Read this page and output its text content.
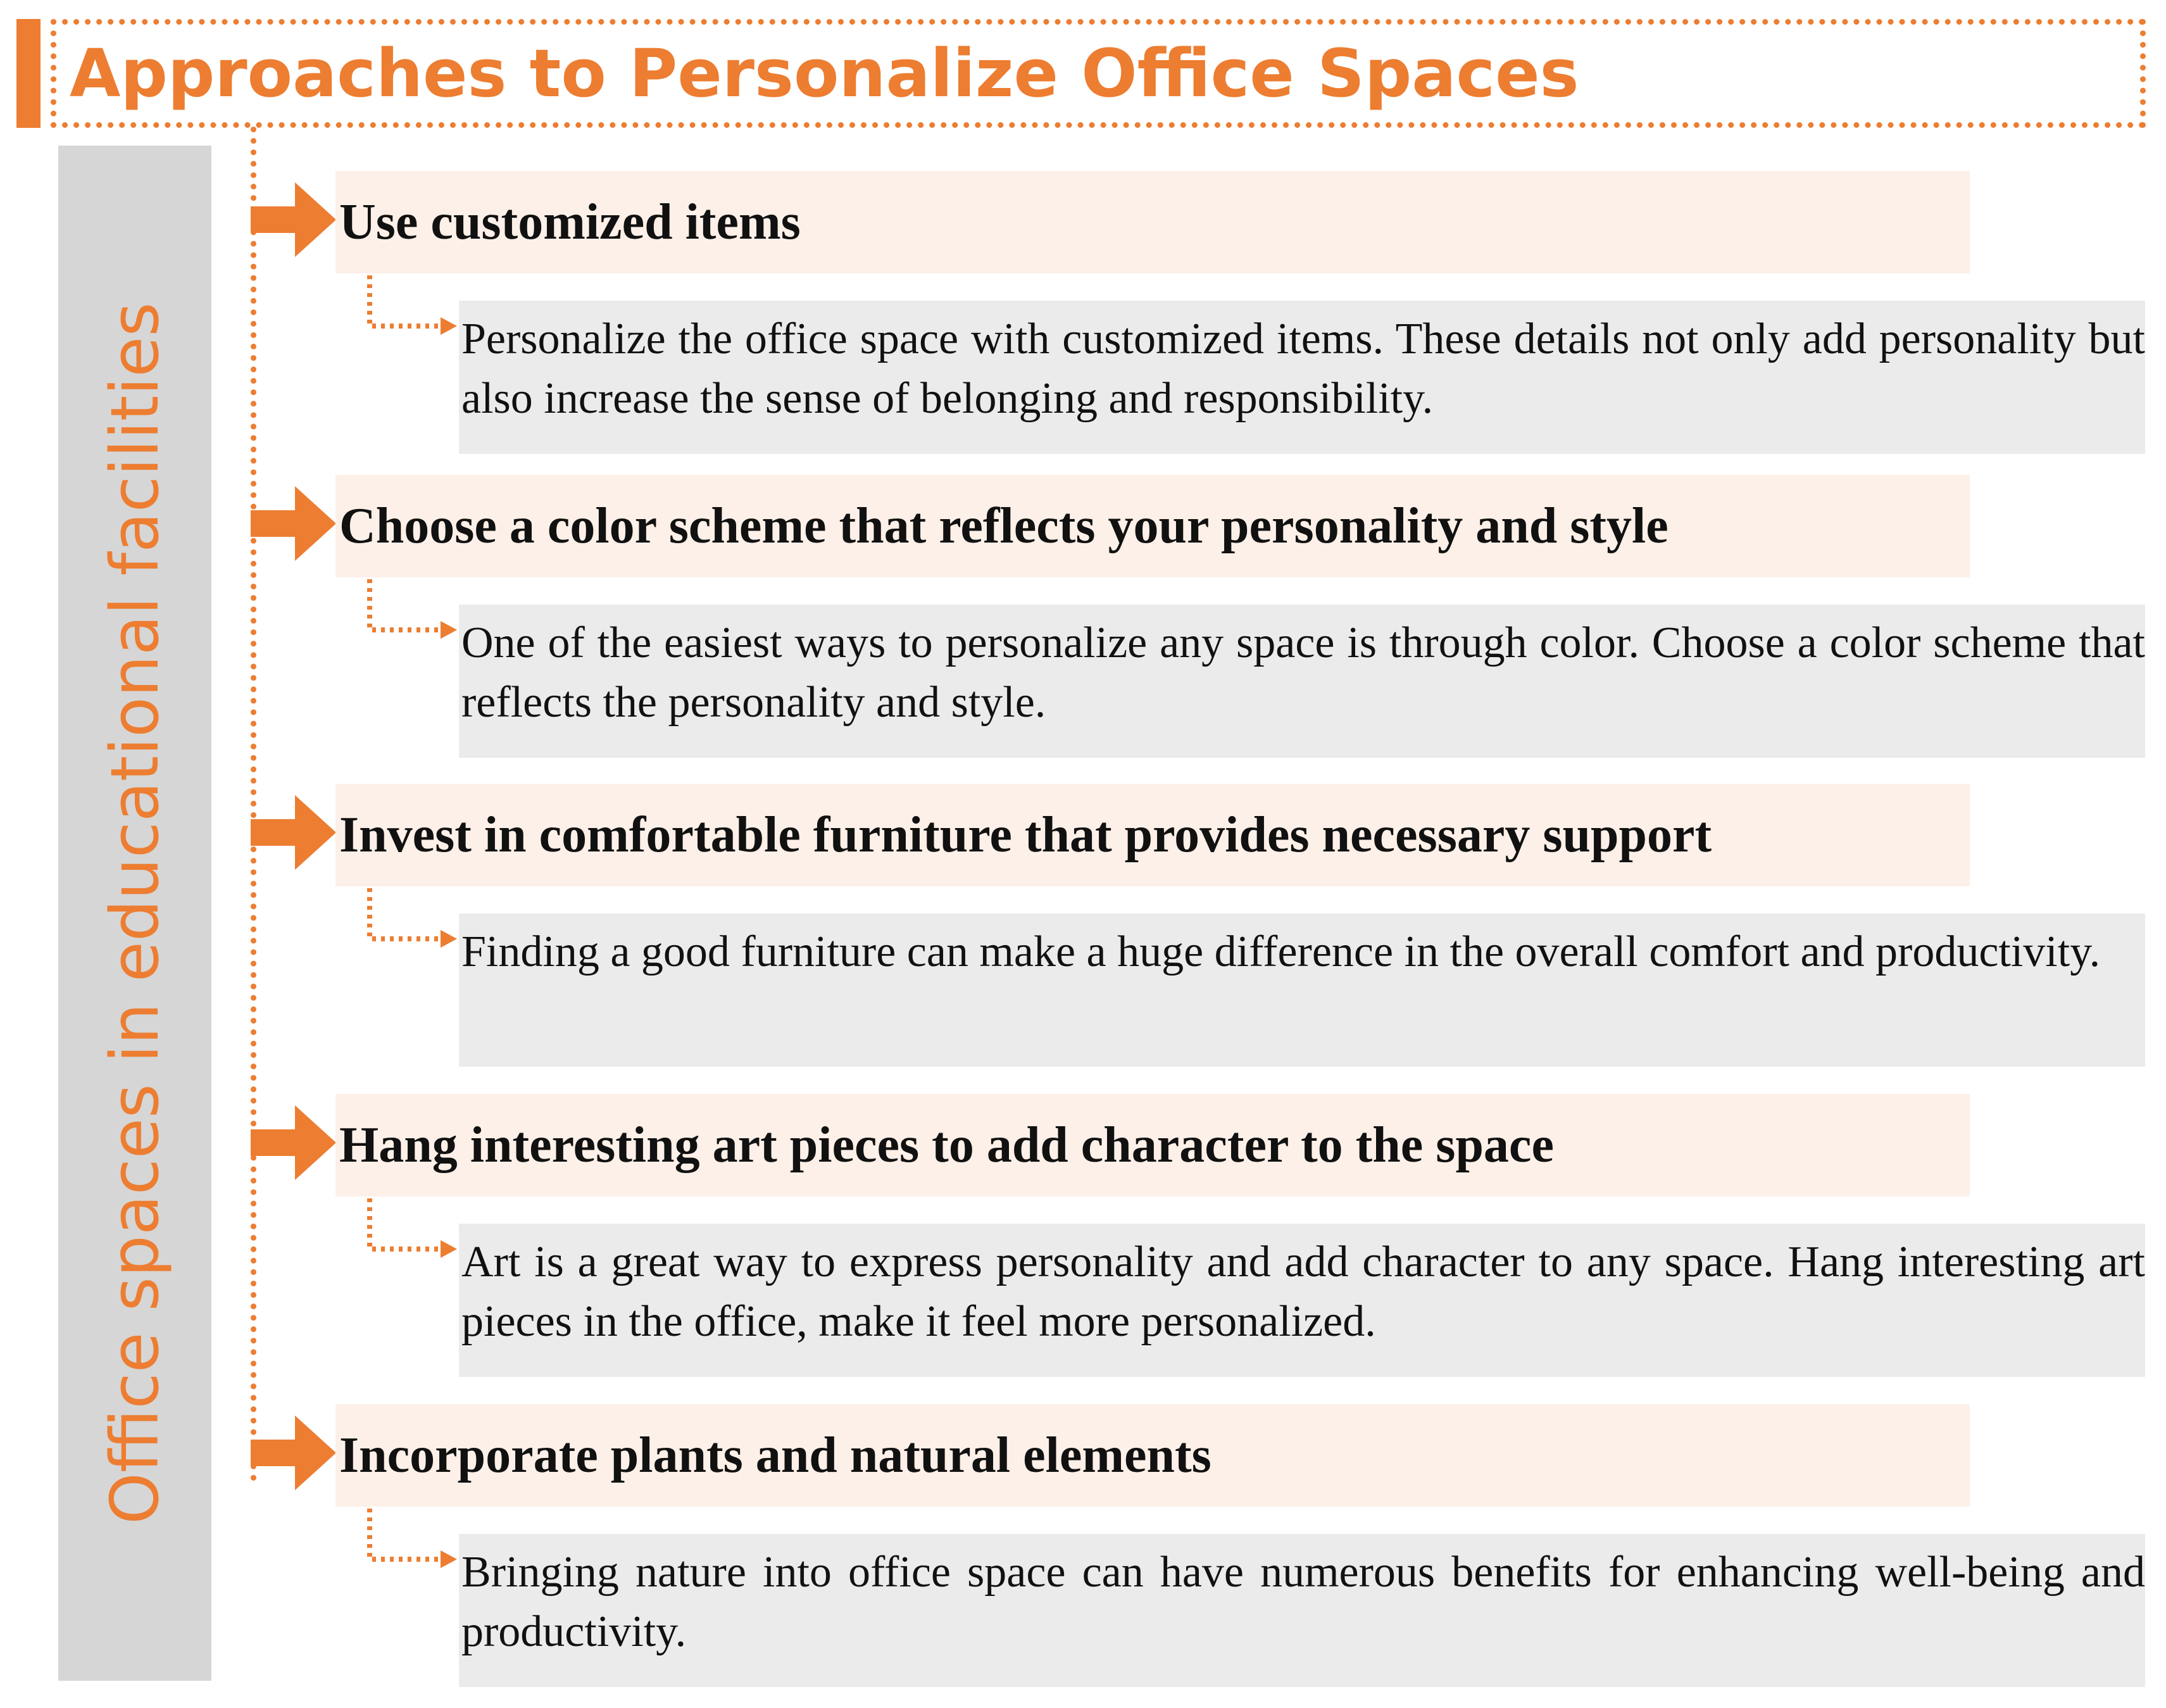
Approaches to Personalize Office Spaces
Office spaces in educational facilities
Use customized items
Personalize the office space with customized items. These details not only add personality but also increase the sense of belonging and responsibility.
Choose a color scheme that reflects your personality and style
One of the easiest ways to personalize any space is through color. Choose a color scheme that reflects the personality and style.
Invest in comfortable furniture that provides necessary support
Finding a good furniture can make a huge difference in the overall comfort and productivity.
Hang interesting art pieces to add character to the space
Art is a great way to express personality and add character to any space. Hang interesting art pieces in the office, make it feel more personalized.
Incorporate plants and natural elements
Bringing nature into office space can have numerous benefits for enhancing well-being and productivity.
